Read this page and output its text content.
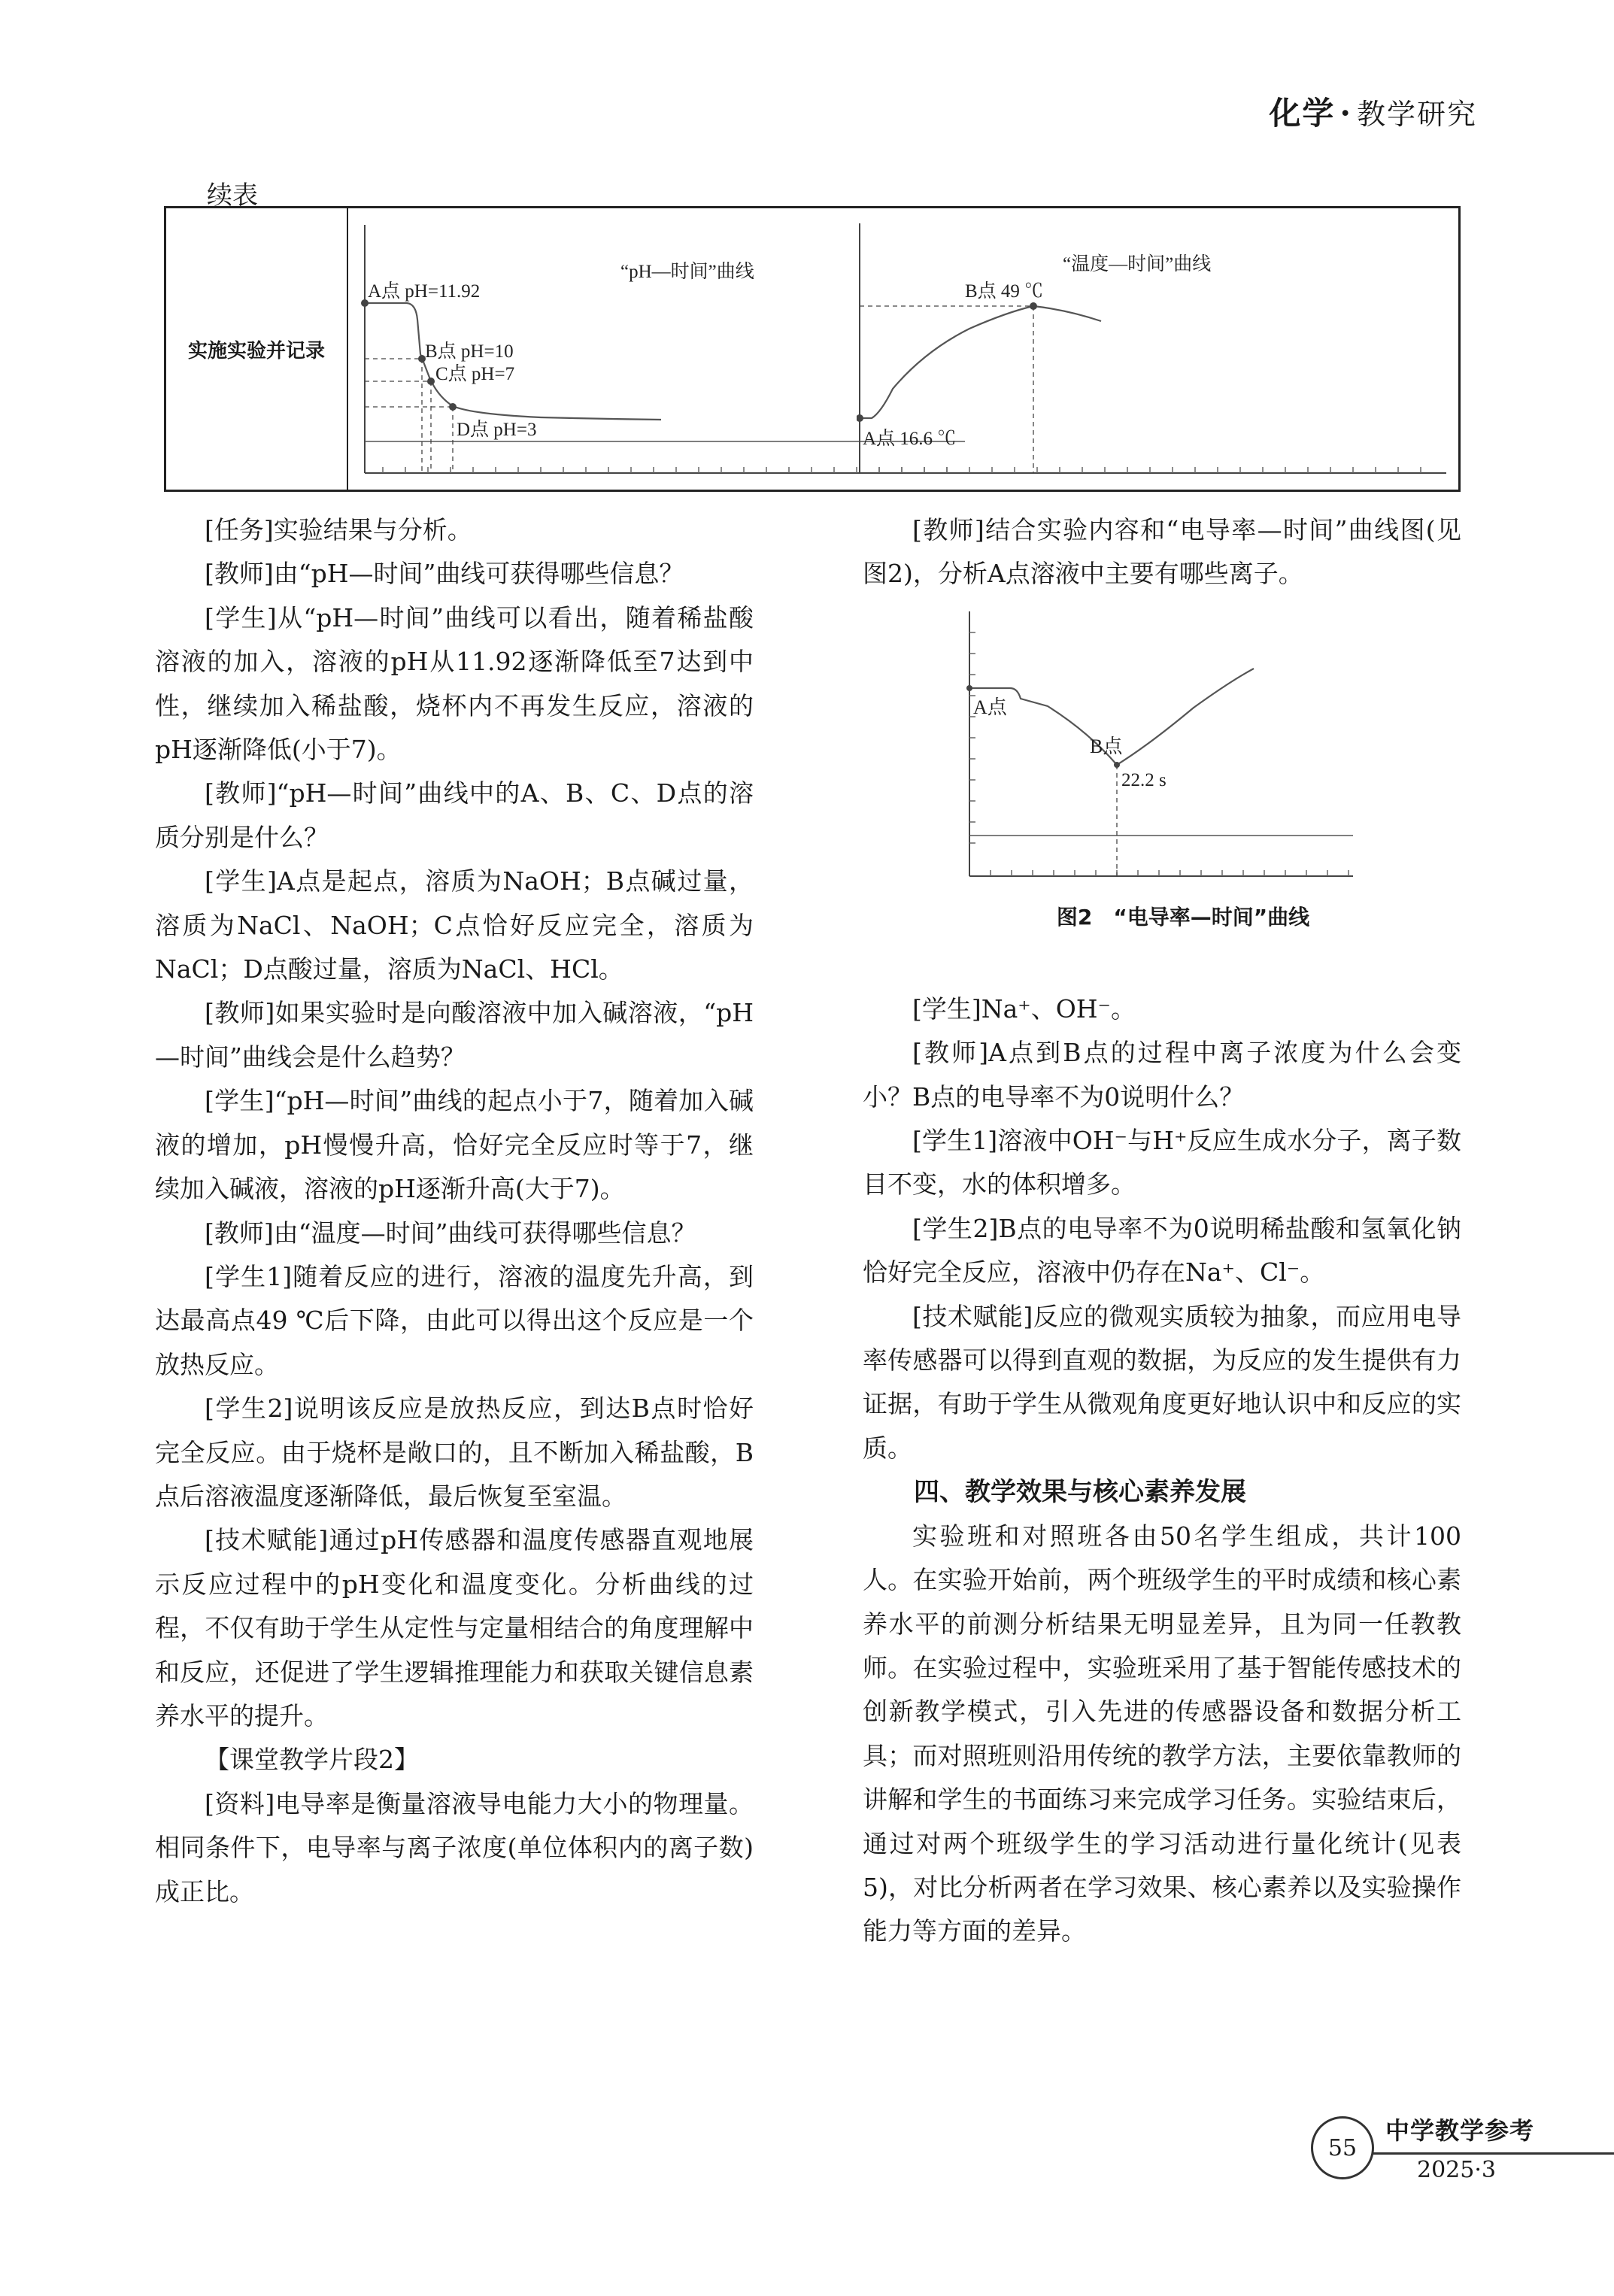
化学 · 教学研究
续表
实施实验并记录
A点 pH=11.92
B点 pH=10
C点 pH=7
D点 pH=3
“pH—时间”曲线
B点 49 ℃
A点 16.6 ℃
“温度—时间”曲线

[任务]实验结果与分析。

[教师]由“pH—时间”曲线可获得哪些信息？

[学生]从“pH—时间”曲线可以看出，随着稀盐酸溶液的加入，溶液的pH从11.92逐渐降低至7达到中性，继续加入稀盐酸，烧杯内不再发生反应，溶液的pH逐渐降低(小于7)。

[教师]“pH—时间”曲线中的A、B、C、D点的溶质分别是什么？

[学生]A点是起点，溶质为NaOH；B点碱过量，溶质为NaCl、NaOH；C点恰好反应完全，溶质为NaCl；D点酸过量，溶质为NaCl、HCl。

[教师]如果实验时是向酸溶液中加入碱溶液，“pH—时间”曲线会是什么趋势？

[学生]“pH—时间”曲线的起点小于7，随着加入碱液的增加，pH慢慢升高，恰好完全反应时等于7，继续加入碱液，溶液的pH逐渐升高(大于7)。

[教师]由“温度—时间”曲线可获得哪些信息？

[学生1]随着反应的进行，溶液的温度先升高，到达最高点49 ℃后下降，由此可以得出这个反应是一个放热反应。

[学生2]说明该反应是放热反应，到达B点时恰好完全反应。由于烧杯是敞口的，且不断加入稀盐酸，B点后溶液温度逐渐降低，最后恢复至室温。

[技术赋能]通过pH传感器和温度传感器直观地展示反应过程中的pH变化和温度变化。分析曲线的过程，不仅有助于学生从定性与定量相结合的角度理解中和反应，还促进了学生逻辑推理能力和获取关键信息素养水平的提升。

【课堂教学片段2】

[资料]电导率是衡量溶液导电能力大小的物理量。相同条件下，电导率与离子浓度(单位体积内的离子数)成正比。

[教师]结合实验内容和“电导率—时间”曲线图(见图2)，分析A点溶液中主要有哪些离子。

A点
B点
22.2 s

图2　“电导率—时间”曲线

[学生]Na⁺、OH⁻。

[教师]A点到B点的过程中离子浓度为什么会变小？B点的电导率不为0说明什么？

[学生1]溶液中OH⁻与H⁺反应生成水分子，离子数目不变，水的体积增多。

[学生2]B点的电导率不为0说明稀盐酸和氢氧化钠恰好完全反应，溶液中仍存在Na⁺、Cl⁻。

[技术赋能]反应的微观实质较为抽象，而应用电导率传感器可以得到直观的数据，为反应的发生提供有力证据，有助于学生从微观角度更好地认识中和反应的实质。

四、教学效果与核心素养发展

实验班和对照班各由50名学生组成，共计100人。在实验开始前，两个班级学生的平时成绩和核心素养水平的前测分析结果无明显差异，且为同一任教教师。在实验过程中，实验班采用了基于智能传感技术的创新教学模式，引入先进的传感器设备和数据分析工具；而对照班则沿用传统的教学方法，主要依靠教师的讲解和学生的书面练习来完成学习任务。实验结束后，通过对两个班级学生的学习活动进行量化统计(见表5)，对比分析两者在学习效果、核心素养以及实验操作能力等方面的差异。

55
中学教学参考
2025·3
